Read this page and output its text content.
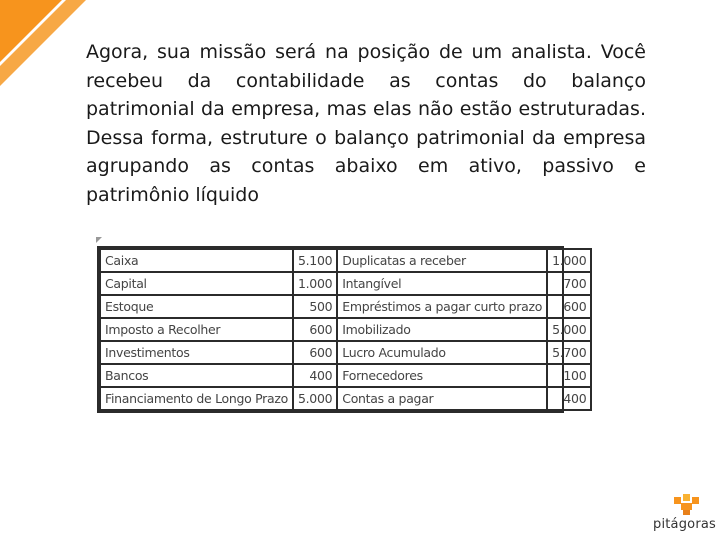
Agora, sua missão será na posição de um analista. Você recebeu da contabilidade as contas do balanço patrimonial da empresa, mas elas não estão estruturadas. Dessa forma, estruture o balanço patrimonial da empresa agrupando as contas abaixo em ativo, passivo e patrimônio líquido
Caixa	5.100	Duplicatas a receber	1.000
Capital	1.000	Intangível	700
Estoque	500	Empréstimos a pagar curto prazo	600
Imposto a Recolher	600	Imobilizado	5.000
Investimentos	600	Lucro Acumulado	5.700
Bancos	400	Fornecedores	100
Financiamento de Longo Prazo	5.000	Contas a pagar	400
pitágoras
